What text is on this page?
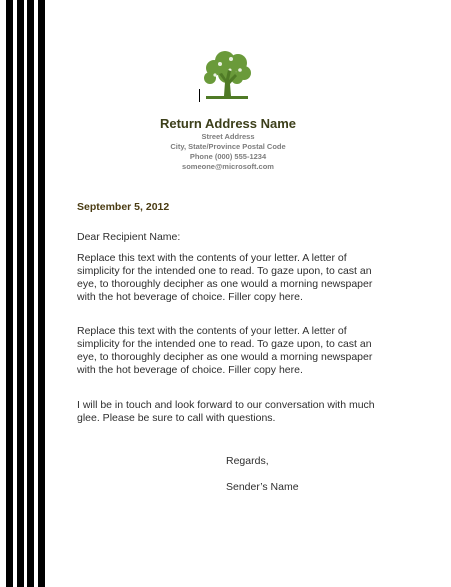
Return Address Name

Street Address

City, State/Province Postal Code

Phone (000) 555-1234

someone@microsoft.com

September 5, 2012
Dear Recipient Name:

Replace this text with the contents of your letter. A letter of simplicity for the intended one to read. To gaze upon, to cast an eye, to thoroughly decipher as one would a morning newspaper with the hot beverage of choice. Filler copy here.

Replace this text with the contents of your letter. A letter of simplicity for the intended one to read. To gaze upon, to cast an eye, to thoroughly decipher as one would a morning newspaper with the hot beverage of choice. Filler copy here.

I will be in touch and look forward to our conversation with much glee. Please be sure to call with questions.

Regards,
Sender’s Name
